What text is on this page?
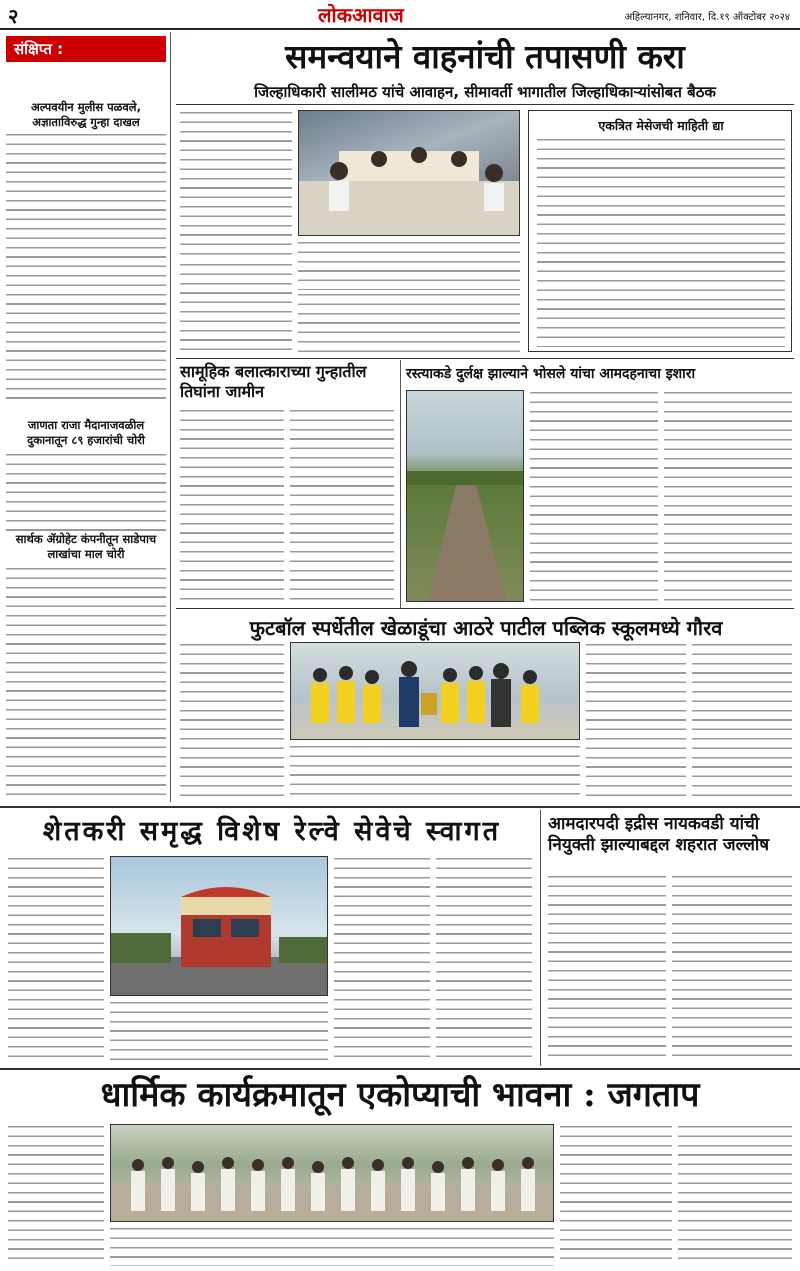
२	लोकआवाज	अहिल्यानगर, शनिवार, दि.१९ ऑक्टोबर २०२४
संक्षिप्त :
अल्पवयीन मुलीस पळवले, अज्ञाताविरुद्ध गुन्हा दाखल
जाणता राजा मैदानाजवळील दुकानातून ८९ हजारांची चोरी
सार्थक ॲग्रोहेट कंपनीतून साडेपाच लाखांचा माल चोरी
समन्वयाने वाहनांची तपासणी करा
जिल्हाधिकारी सालीमठ यांचे आवाहन, सीमावर्ती भागातील जिल्हाधिकाऱ्यांसोबत बैठक
एकत्रित मेसेजची माहिती द्या
सामूहिक बलात्काराच्या गुन्हातील तिघांना जामीन
रस्त्याकडे दुर्लक्ष झाल्याने भोसले यांचा आमदहनाचा इशारा
फुटबॉल स्पर्धेतील खेळाडूंचा आठरे पाटील पब्लिक स्कूलमध्ये गौरव
शेतकरी समृद्ध विशेष रेल्वे सेवेचे स्वागत	आमदारपदी इद्रीस नायकवडी यांची नियुक्ती झाल्याबद्दल शहरात जल्लोष
धार्मिक कार्यक्रमातून एकोप्याची भावना : जगताप
